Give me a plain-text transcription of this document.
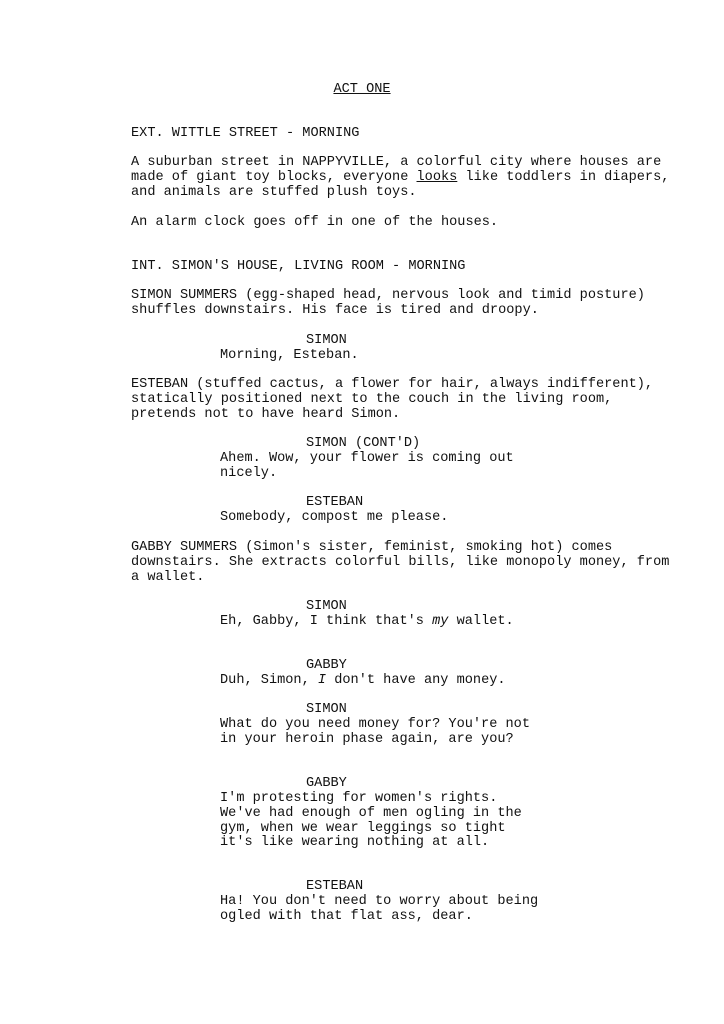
ACT ONE
EXT. WITTLE STREET - MORNING
A suburban street in NAPPYVILLE, a colorful city where houses are made of giant toy blocks, everyone looks like toddlers in diapers, and animals are stuffed plush toys.
An alarm clock goes off in one of the houses.
INT. SIMON'S HOUSE, LIVING ROOM - MORNING
SIMON SUMMERS (egg-shaped head, nervous look and timid posture) shuffles downstairs. His face is tired and droopy.
SIMON
Morning, Esteban.
ESTEBAN (stuffed cactus, a flower for hair, always indifferent), statically positioned next to the couch in the living room, pretends not to have heard Simon.
SIMON (CONT'D)
Ahem. Wow, your flower is coming out nicely.
ESTEBAN
Somebody, compost me please.
GABBY SUMMERS (Simon's sister, feminist, smoking hot) comes downstairs. She extracts colorful bills, like monopoly money, from a wallet.
SIMON
Eh, Gabby, I think that's my wallet.
GABBY
Duh, Simon, I don't have any money.
SIMON
What do you need money for? You're not in your heroin phase again, are you?
GABBY
I'm protesting for women's rights. We've had enough of men ogling in the gym, when we wear leggings so tight it's like wearing nothing at all.
ESTEBAN
Ha! You don't need to worry about being ogled with that flat ass, dear.
